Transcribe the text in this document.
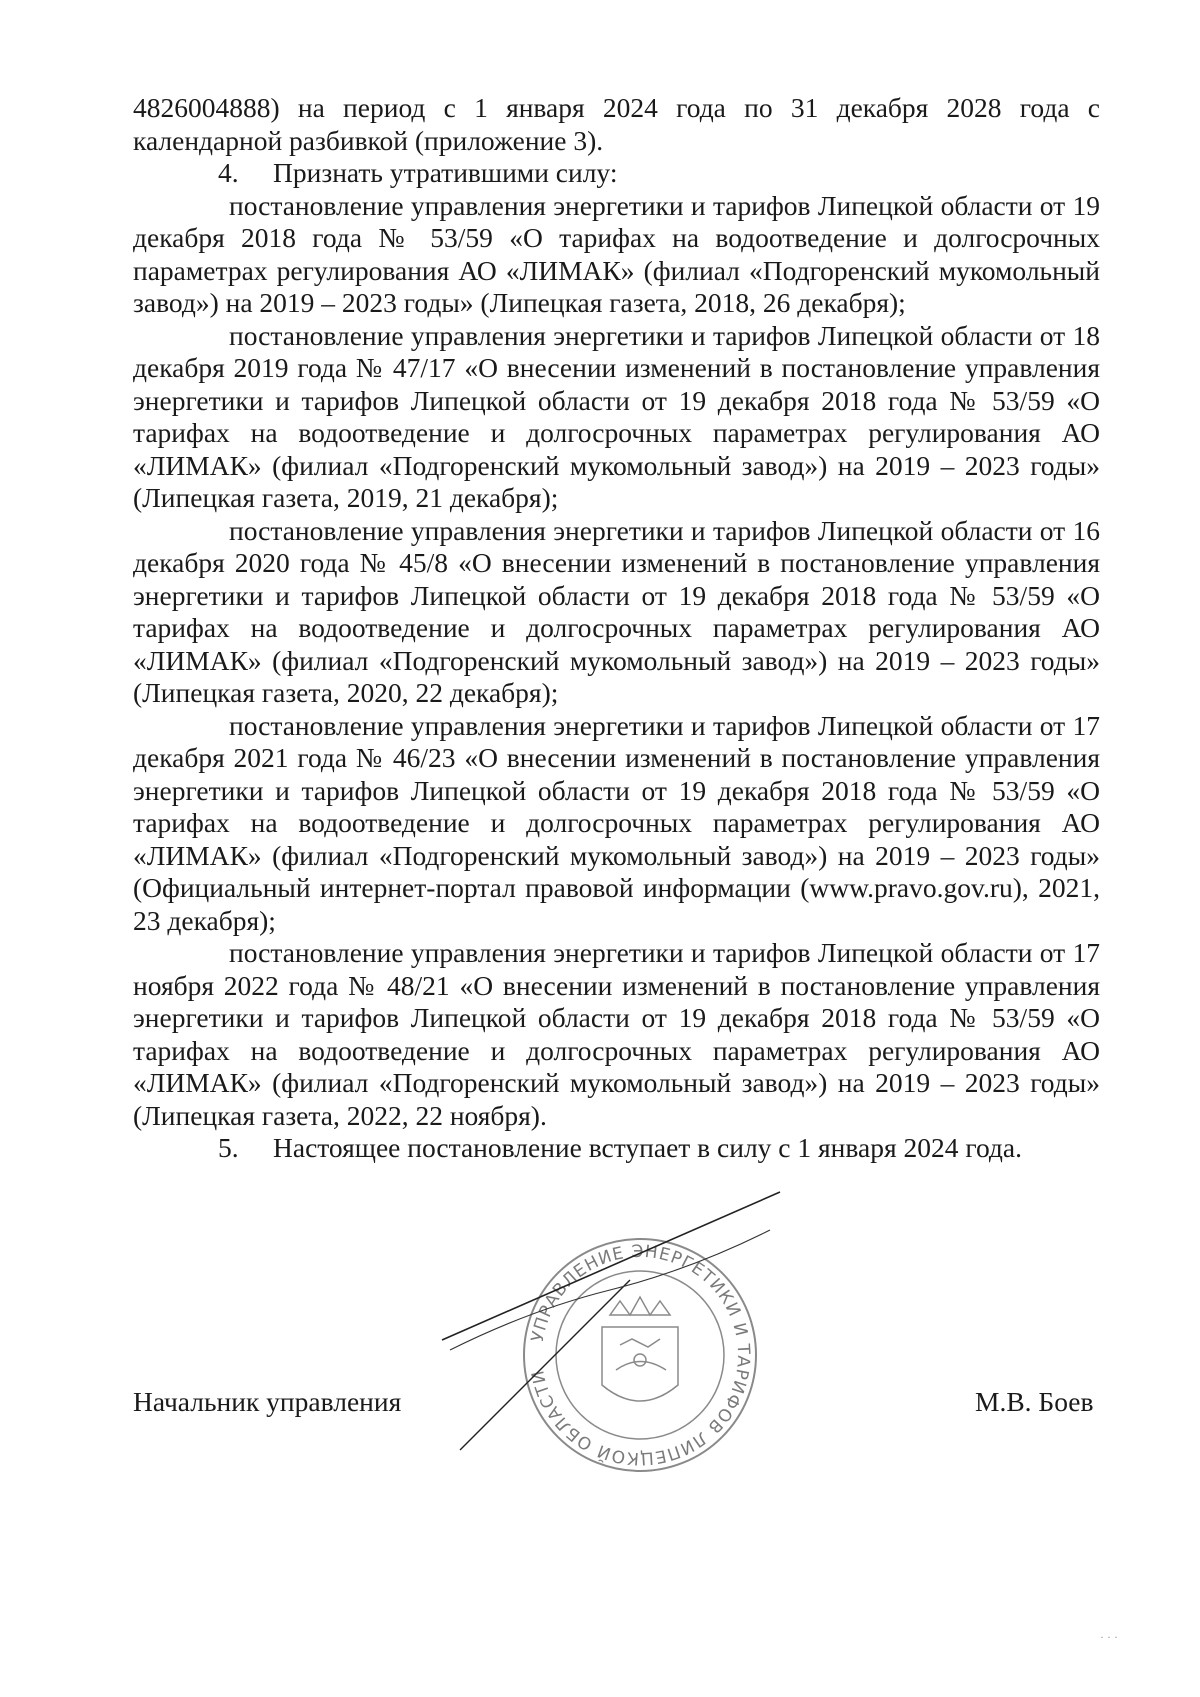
4826004888) на период с 1 января 2024 года по 31 декабря 2028 года с календарной разбивкой (приложение 3).

4. Признать утратившими силу:

постановление управления энергетики и тарифов Липецкой области от 19 декабря 2018 года № 53/59 «О тарифах на водоотведение и долгосрочных параметрах регулирования АО «ЛИМАК» (филиал «Подгоренский мукомольный завод») на 2019 – 2023 годы» (Липецкая газета, 2018, 26 декабря);

постановление управления энергетики и тарифов Липецкой области от 18 декабря 2019 года № 47/17 «О внесении изменений в постановление управления энергетики и тарифов Липецкой области от 19 декабря 2018 года № 53/59 «О тарифах на водоотведение и долгосрочных параметрах регулирования АО «ЛИМАК» (филиал «Подгоренский мукомольный завод») на 2019 – 2023 годы» (Липецкая газета, 2019, 21 декабря);

постановление управления энергетики и тарифов Липецкой области от 16 декабря 2020 года № 45/8 «О внесении изменений в постановление управления энергетики и тарифов Липецкой области от 19 декабря 2018 года № 53/59 «О тарифах на водоотведение и долгосрочных параметрах регулирования АО «ЛИМАК» (филиал «Подгоренский мукомольный завод») на 2019 – 2023 годы» (Липецкая газета, 2020, 22 декабря);

постановление управления энергетики и тарифов Липецкой области от 17 декабря 2021 года № 46/23 «О внесении изменений в постановление управления энергетики и тарифов Липецкой области от 19 декабря 2018 года № 53/59 «О тарифах на водоотведение и долгосрочных параметрах регулирования АО «ЛИМАК» (филиал «Подгоренский мукомольный завод») на 2019 – 2023 годы» (Официальный интернет-портал правовой информации (www.pravo.gov.ru), 2021, 23 декабря);

постановление управления энергетики и тарифов Липецкой области от 17 ноября 2022 года № 48/21 «О внесении изменений в постановление управления энергетики и тарифов Липецкой области от 19 декабря 2018 года № 53/59 «О тарифах на водоотведение и долгосрочных параметрах регулирования АО «ЛИМАК» (филиал «Подгоренский мукомольный завод») на 2019 – 2023 годы» (Липецкая газета, 2022, 22 ноября).

5. Настоящее постановление вступает в силу с 1 января 2024 года.

УПРАВЛЕНИЕ ЭНЕРГЕТИКИ И ТАРИФОВ ЛИПЕЦКОЙ ОБЛАСТИ
Начальник управления	М.В. Боев
· · ·
